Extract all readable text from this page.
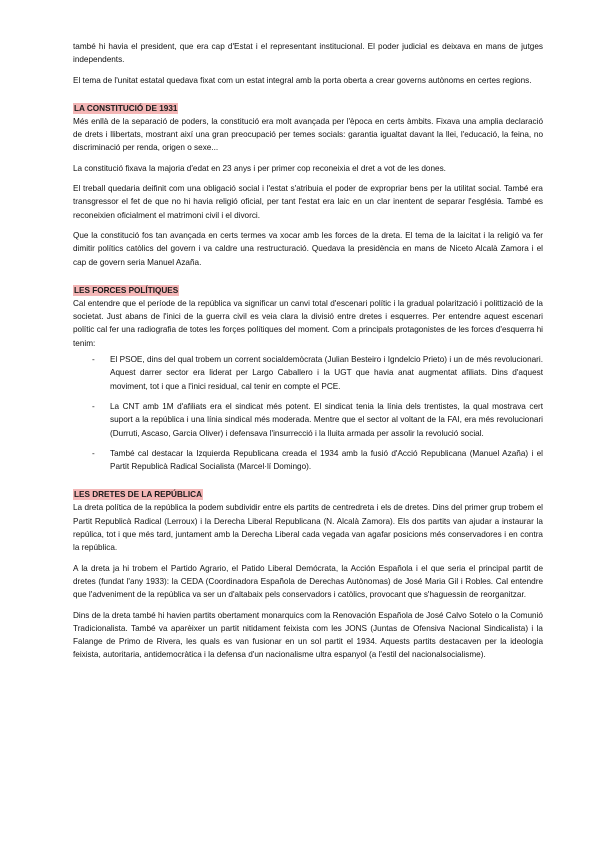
també hi havia el president, que era cap d'Estat i el representant institucional. El poder judicial es deixava en mans de jutges independents.

El tema de l'unitat estatal quedava fixat com un estat integral amb la porta oberta a crear governs autònoms en certes regions.

LA CONSTITUCIÓ DE 1931

Més enllà de la separació de poders, la constitució era molt avançada per l'època en certs àmbits. Fixava una amplia declaració de drets i llibertats, mostrant així una gran preocupació per temes socials: garantia igualtat davant la llei, l'educació, la feina, no discriminació per renda, origen o sexe...

La constitució fixava la majoria d'edat en 23 anys i per primer cop reconeixia el dret a vot de les dones.

El treball quedaria deifinit com una obligació social i l'estat s'atribuia el poder de expropriar bens per la utilitat social. També era transgressor el fet de que no hi havia religió oficial, per tant l'estat era laic en un clar inentent de separar l'església. També es reconeixien oficialment el matrimoni civil i el divorci.

Que la constitució fos tan avançada en certs termes va xocar amb les forces de la dreta. El tema de la laicitat i la religió va fer dimitir polítics catòlics del govern i va caldre una restructuració. Quedava la presidència en mans de Niceto Alcalà Zamora i el cap de govern seria Manuel Azaña.

LES FORCES POLÍTIQUES

Cal entendre que el període de la república va significar un canvi total d'escenari polític i la gradual polarització i polittizació de la societat. Just abans de l'inici de la guerra civil es veia clara la divisió entre dretes i esquerres. Per entendre aquest escenari polític cal fer una radiografia de totes les forçes polítiques del moment. Com a principals protagonistes de les forces d'esquerra hi tenim:

- El PSOE, dins del qual trobem un corrent socialdemòcrata (Julian Besteiro i Igndelcio Prieto) i un de més revolucionari. Aquest darrer sector era liderat per Largo Caballero i la UGT que havia anat augmentat afiliats. Dins d'aquest moviment, tot i que a l'inici residual, cal tenir en compte el PCE.
- La CNT amb 1M d'afiliats era el sindicat més potent. El sindicat tenia la línia dels trentistes, la qual mostrava cert suport a la república i una línia sindical més moderada. Mentre que el sector al voltant de la FAI, era més revolucionari (Durruti, Ascaso, Garcia Oliver) i defensava l'insurrecció i la lluita armada per assolir la revolució social.
- També cal destacar la Izquierda Republicana creada el 1934 amb la fusió d'Acció Republicana (Manuel Azaña) i el Partit Republicà Radical Socialista (Marcel·lí Domingo).
LES DRETES DE LA REPÚBLICA

La dreta política de la república la podem subdividir entre els partits de centredreta i els de dretes. Dins del primer grup trobem el Partit Republicà Radical (Lerroux) i la Derecha Liberal Republicana (N. Alcalà Zamora). Els dos partits van ajudar a instaurar la repúlica, tot i que més tard, juntament amb la Derecha Liberal cada vegada van agafar posicions més conservadores i en contra la república.

A la dreta ja hi trobem el Partido Agrario, el Patido Liberal Demócrata, la Acción Española i el que seria el principal partit de dretes (fundat l'any 1933): la CEDA (Coordinadora Española de Derechas Autònomas) de José Maria Gil i Robles. Cal entendre que l'adveniment de la república va ser un d'altabaix pels conservadors i catòlics, provocant que s'haguessin de reorganitzar.

Dins de la dreta també hi havien partits obertament monarquics com la Renovación Española de José Calvo Sotelo o la Comunió Tradicionalista. També va aparèixer un partit nitidament feixista com les JONS (Juntas de Ofensiva Nacional Sindicalista) i la Falange de Primo de Rivera, les quals es van fusionar en un sol partit el 1934. Aquests partits destacaven per la ideologia feixista, autoritaria, antidemocràtica i la defensa d'un nacionalisme ultra espanyol (a l'estil del nacionalsocialisme).
